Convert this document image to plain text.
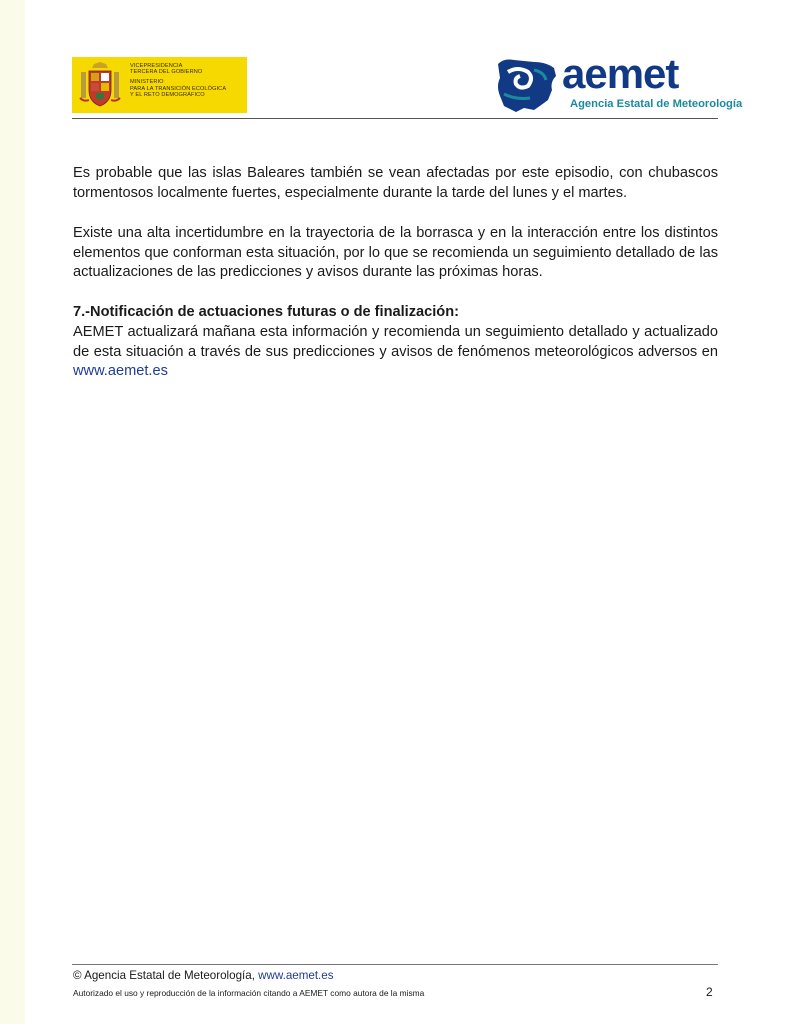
VICEPRESIDENCIA
TERCERA DEL GOBIERNO
MINISTERIO
PARA LA TRANSICIÓN ECOLÓGICA
Y EL RETO DEMOGRÁFICO	aemet
Agencia Estatal de Meteorología

Es probable que las islas Baleares también se vean afectadas por este episodio, con chubascos tormentosos localmente fuertes, especialmente durante la tarde del lunes y el martes.

Existe una alta incertidumbre en la trayectoria de la borrasca y en la interacción entre los distintos elementos que conforman esta situación, por lo que se recomienda un seguimiento detallado de las actualizaciones de las predicciones y avisos durante las próximas horas.

7.-Notificación de actuaciones futuras o de finalización:

AEMET actualizará mañana esta información y recomienda un seguimiento detallado y actualizado de esta situación a través de sus predicciones y avisos de fenómenos meteorológicos adversos en www.aemet.es

© Agencia Estatal de Meteorología, www.aemet.es
Autorizado el uso y reproducción de la información citando a AEMET como autora de la misma	2
